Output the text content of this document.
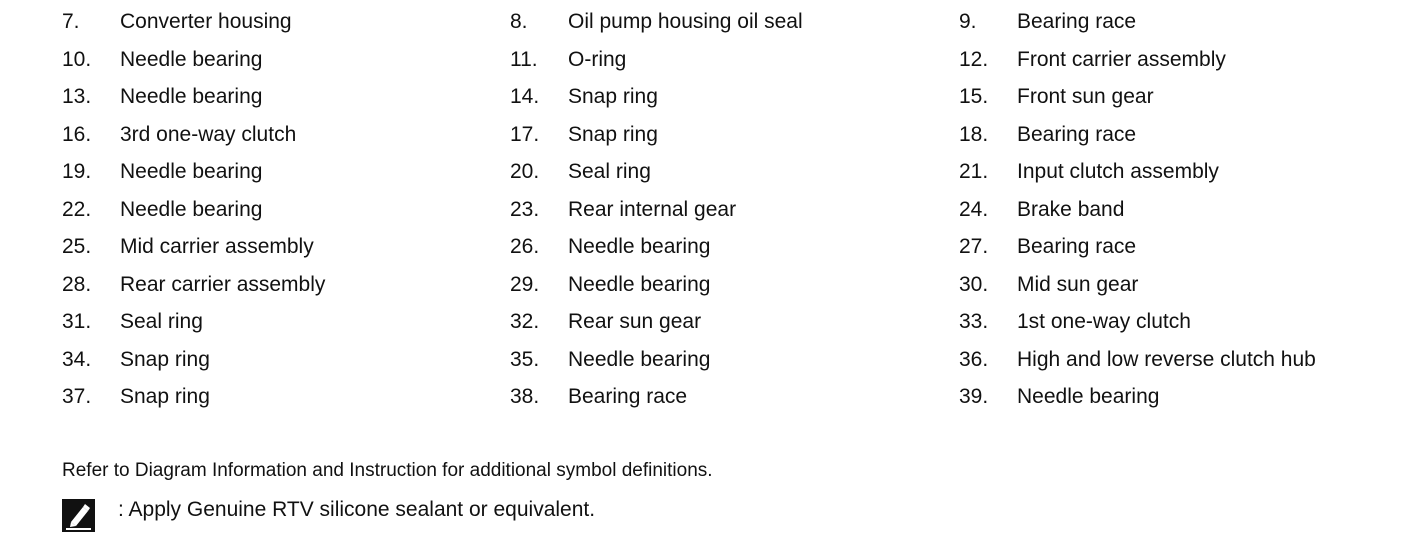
7. Converter housing
10. Needle bearing
13. Needle bearing
16. 3rd one-way clutch
19. Needle bearing
22. Needle bearing
25. Mid carrier assembly
28. Rear carrier assembly
31. Seal ring
34. Snap ring
37. Snap ring
8. Oil pump housing oil seal
11. O-ring
14. Snap ring
17. Snap ring
20. Seal ring
23. Rear internal gear
26. Needle bearing
29. Needle bearing
32. Rear sun gear
35. Needle bearing
38. Bearing race
9. Bearing race
12. Front carrier assembly
15. Front sun gear
18. Bearing race
21. Input clutch assembly
24. Brake band
27. Bearing race
30. Mid sun gear
33. 1st one-way clutch
36. High and low reverse clutch hub
39. Needle bearing
Refer to Diagram Information and Instruction for additional symbol definitions.
: Apply Genuine RTV silicone sealant or equivalent.
